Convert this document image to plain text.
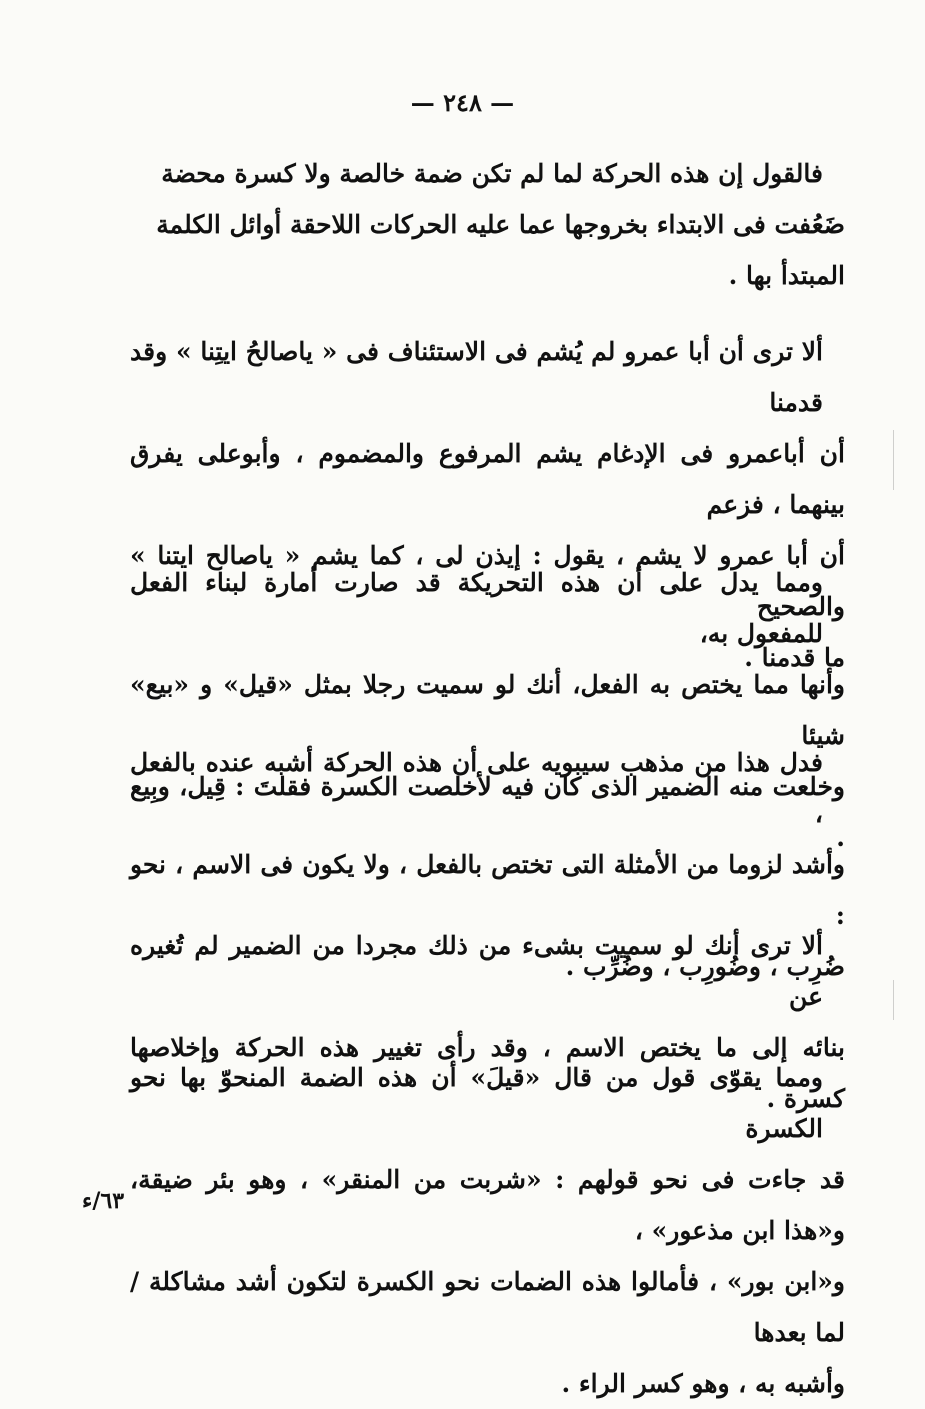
— ٢٤٨ —

فالقول إن هذه الحركة لما لم تكن ضمة خالصة ولا كسرة محضة

ضَعُفت فى الابتداء بخروجها عما عليه الحركات اللاحقة أوائل الكلمة

المبتدأ بها .

ألا ترى أن أبا عمرو لم يُشم فى الاستئناف فى « ياصالحُ ايتِنا » وقد قدمنا

أن أباعمرو فى الإدغام يشم المرفوع والمضموم ، وأبوعلى يفرق بينهما ، فزعم

أن أبا عمرو لا يشم ، يقول : إيذن لى ، كما يشم « ياصالح ايتنا » والصحيح

ما قدمنا .

ومما يدل على أن هذه التحريكة قد صارت أمارة لبناء الفعل للمفعول به،

وأنها مما يختص به الفعل، أنك لو سميت رجلا بمثل «قيل» و «بيع» شيئا

وخلعت منه الضمير الذى كان فيه لأخلصت الكسرة فقلتَ : قِيل، وبِيع .

فدل هذا من مذهب سيبويه على أن هذه الحركة أشبه عنده بالفعل ،

وأشد لزوما من الأمثلة التى تختص بالفعل ، ولا يكون فى الاسم ، نحو :

ضُرِب ، وضُورِب ، وضُرِّب .

ألا ترى أنك لو سميت بشىء من ذلك مجردا من الضمير لم تُغيره عن

بنائه إلى ما يختص الاسم ، وقد رأى تغيير هذه الحركة وإخلاصها كسرة .

ومما يقوّى قول من قال «قيلَ» أن هذه الضمة المنحوّ بها نحو الكسرة

قد جاءت فى نحو قولهم : «شربت من المنقر» ، وهو بئر ضيقة، و«هذا ابن مذعور» ،

و«ابن بور» ، فأمالوا هذه الضمات نحو الكسرة لتكون أشد مشاكلة / لما بعدها

وأشبه به ، وهو كسر الراء .

٦٣/ء
